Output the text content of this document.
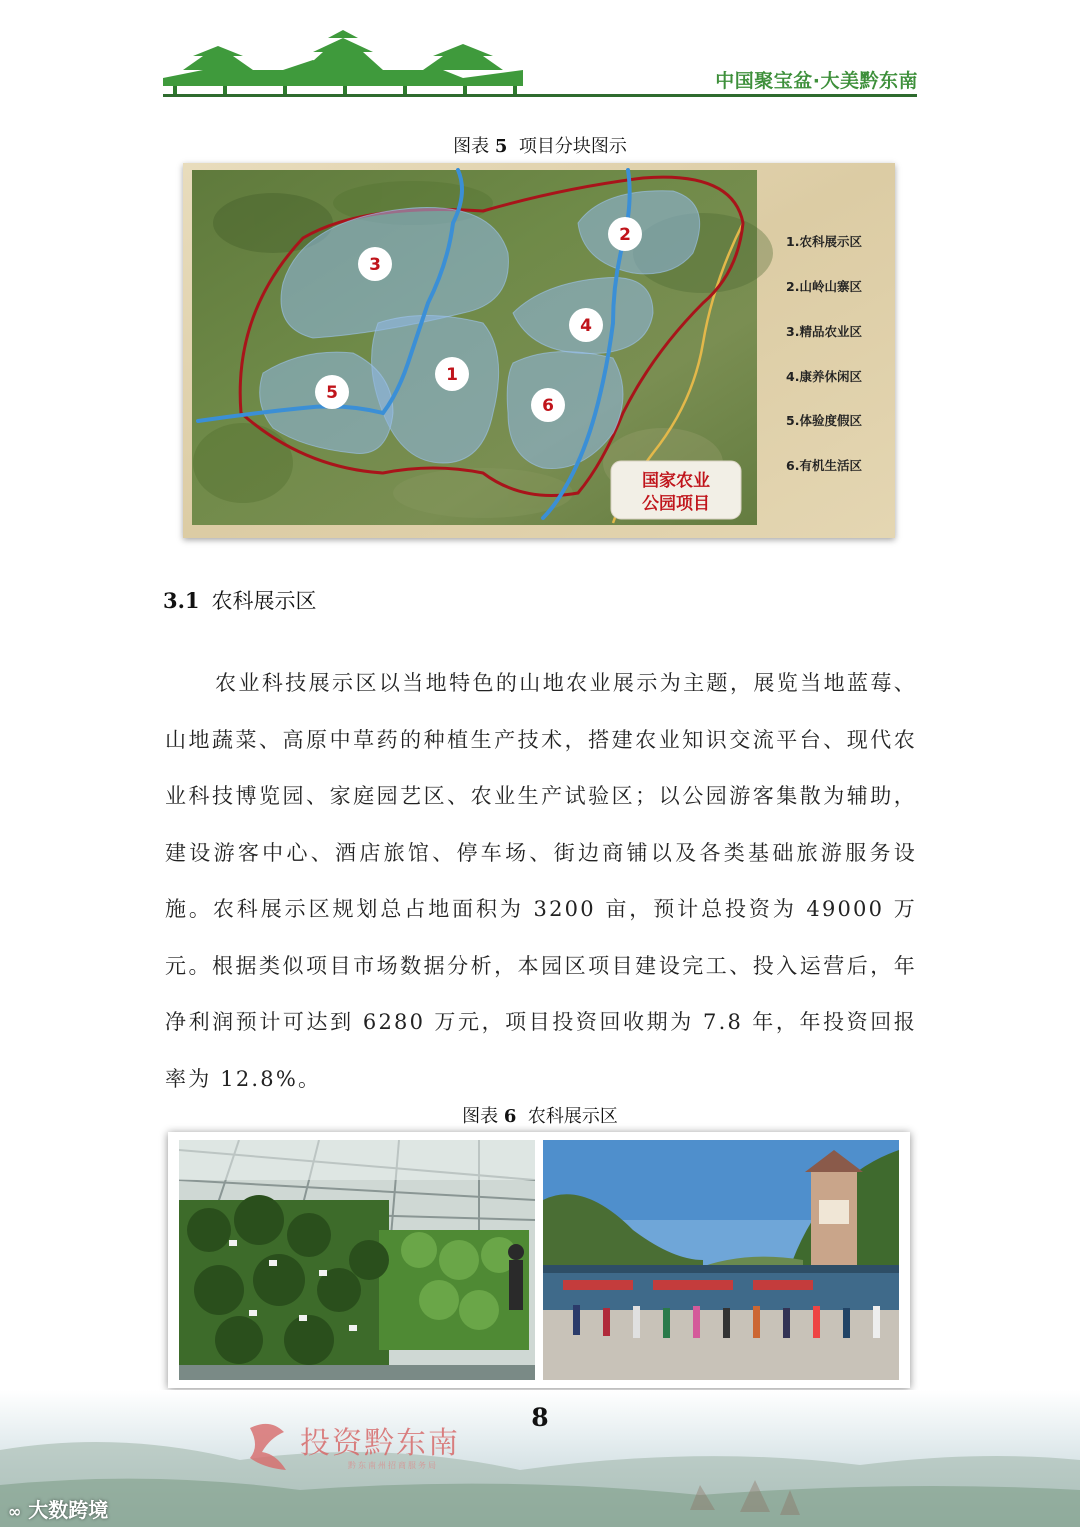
中国聚宝盆·大美黔东南
图表 5 项目分块图示
3
2
4
1
5
6
国家农业
公园项目
1.农科展示区
2.山岭山寨区
3.精品农业区
4.康养休闲区
5.体验度假区
6.有机生活区
3.1 农科展示区

农业科技展示区以当地特色的山地农业展示为主题，展览当地蓝莓、山地蔬菜、高原中草药的种植生产技术，搭建农业知识交流平台、现代农业科技博览园、家庭园艺区、农业生产试验区；以公园游客集散为辅助，建设游客中心、酒店旅馆、停车场、街边商铺以及各类基础旅游服务设施。农科展示区规划总占地面积为 3200 亩，预计总投资为 49000 万元。根据类似项目市场数据分析，本园区项目建设完工、投入运营后，年净利润预计可达到 6280 万元，项目投资回收期为 7.8 年，年投资回报率为 12.8%。

图表 6 农科展示区
8
投资黔东南
黔东南州招商服务局
∞ 大数跨境
